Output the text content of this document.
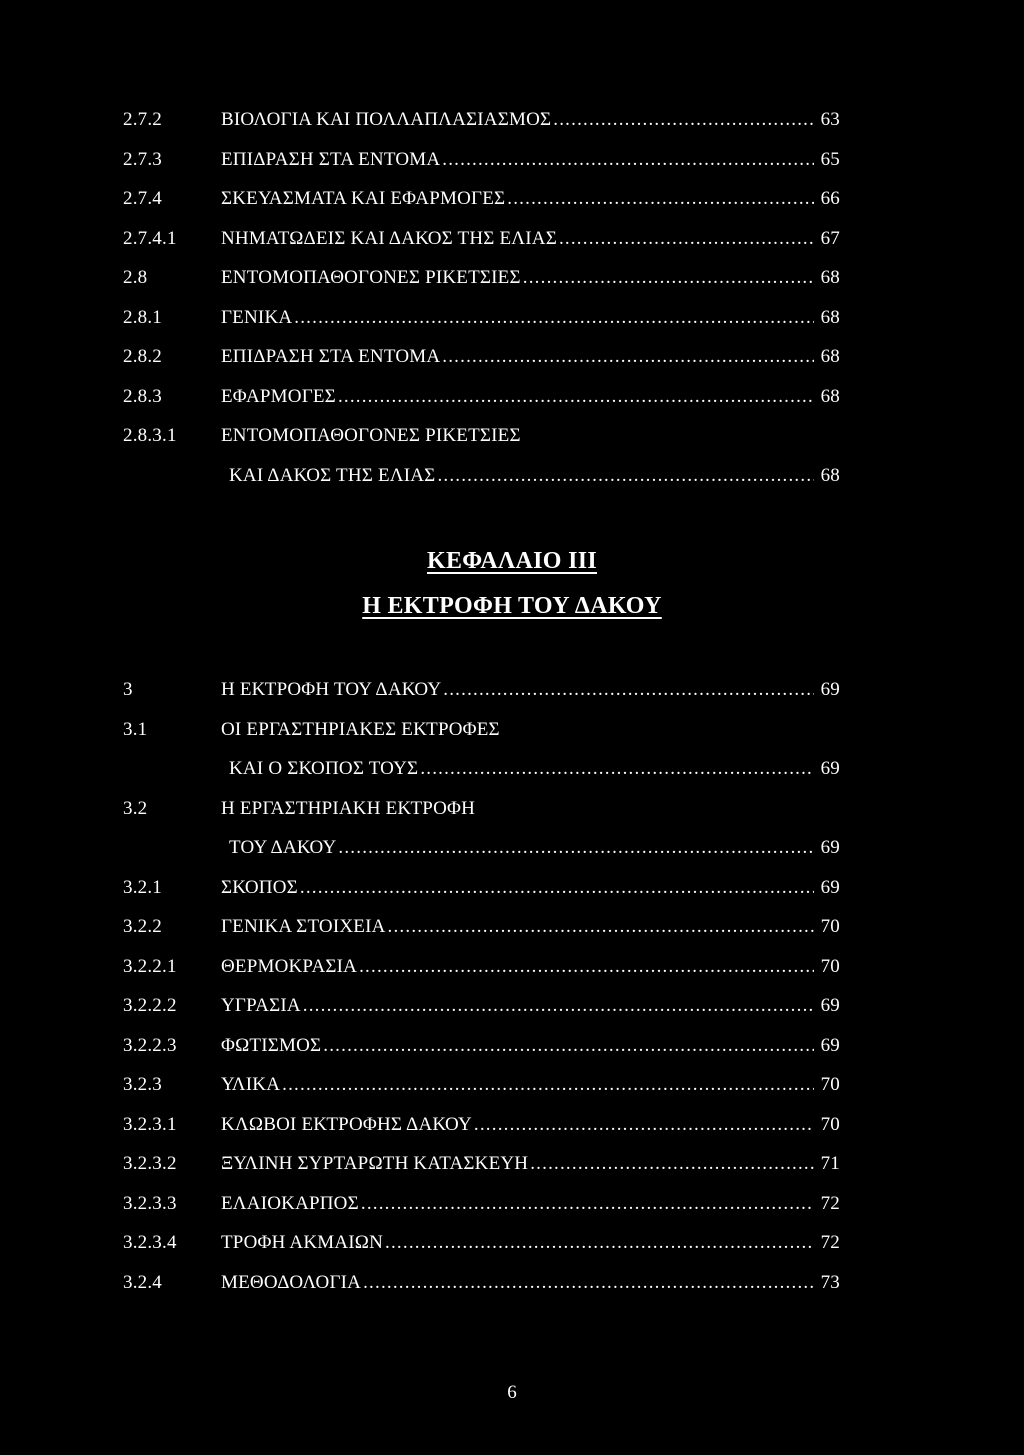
2.7.2	ΒΙΟΛΟΓΙΑ ΚΑΙ ΠΟΛΛΑΠΛΑΣΙΑΣΜΟΣ .....	63
2.7.3	ΕΠΙΔΡΑΣΗ ΣΤΑ ΕΝΤΟΜΑ .....	65
2.7.4	ΣΚΕΥΑΣΜΑΤΑ ΚΑΙ ΕΦΑΡΜΟΓΕΣ .....	66
2.7.4.1	ΝΗΜΑΤΩΔΕΙΣ ΚΑΙ ΔΑΚΟΣ ΤΗΣ ΕΛΙΑΣ .....	67
2.8	ΕΝΤΟΜΟΠΑΘΟΓΟΝΕΣ ΡΙΚΕΤΣΙΕΣ .....	68
2.8.1	ΓΕΝΙΚΑ .....	68
2.8.2	ΕΠΙΔΡΑΣΗ ΣΤΑ ΕΝΤΟΜΑ .....	68
2.8.3	ΕΦΑΡΜΟΓΕΣ .....	68
2.8.3.1	ΕΝΤΟΜΟΠΑΘΟΓΟΝΕΣ ΡΙΚΕΤΣΙΕΣ
ΚΑΙ ΔΑΚΟΣ ΤΗΣ ΕΛΙΑΣ .....	68
ΚΕΦΑΛΑΙΟ III
Η ΕΚΤΡΟΦΗ ΤΟΥ ΔΑΚΟΥ
3	Η ΕΚΤΡΟΦΗ ΤΟΥ ΔΑΚΟΥ .....	69
3.1	ΟΙ ΕΡΓΑΣΤΗΡΙΑΚΕΣ ΕΚΤΡΟΦΕΣ
ΚΑΙ Ο ΣΚΟΠΟΣ ΤΟΥΣ .....	69
3.2	Η ΕΡΓΑΣΤΗΡΙΑΚΗ ΕΚΤΡΟΦΗ
ΤΟΥ ΔΑΚΟΥ .....	69
3.2.1	ΣΚΟΠΟΣ .....	69
3.2.2	ΓΕΝΙΚΑ ΣΤΟΙΧΕΙΑ .....	70
3.2.2.1	ΘΕΡΜΟΚΡΑΣΙΑ .....	70
3.2.2.2	ΥΓΡΑΣΙΑ .....	69
3.2.2.3	ΦΩΤΙΣΜΟΣ .....	69
3.2.3	ΥΛΙΚΑ .....	70
3.2.3.1	ΚΛΩΒΟΙ ΕΚΤΡΟΦΗΣ ΔΑΚΟΥ .....	70
3.2.3.2	ΞΥΛΙΝΗ ΣΥΡΤΑΡΩΤΗ ΚΑΤΑΣΚΕΥΗ .....	71
3.2.3.3	ΕΛΑΙΟΚΑΡΠΟΣ .....	72
3.2.3.4	ΤΡΟΦΗ ΑΚΜΑΙΩΝ .....	72
3.2.4	ΜΕΘΟΔΟΛΟΓΙΑ .....	73
6
